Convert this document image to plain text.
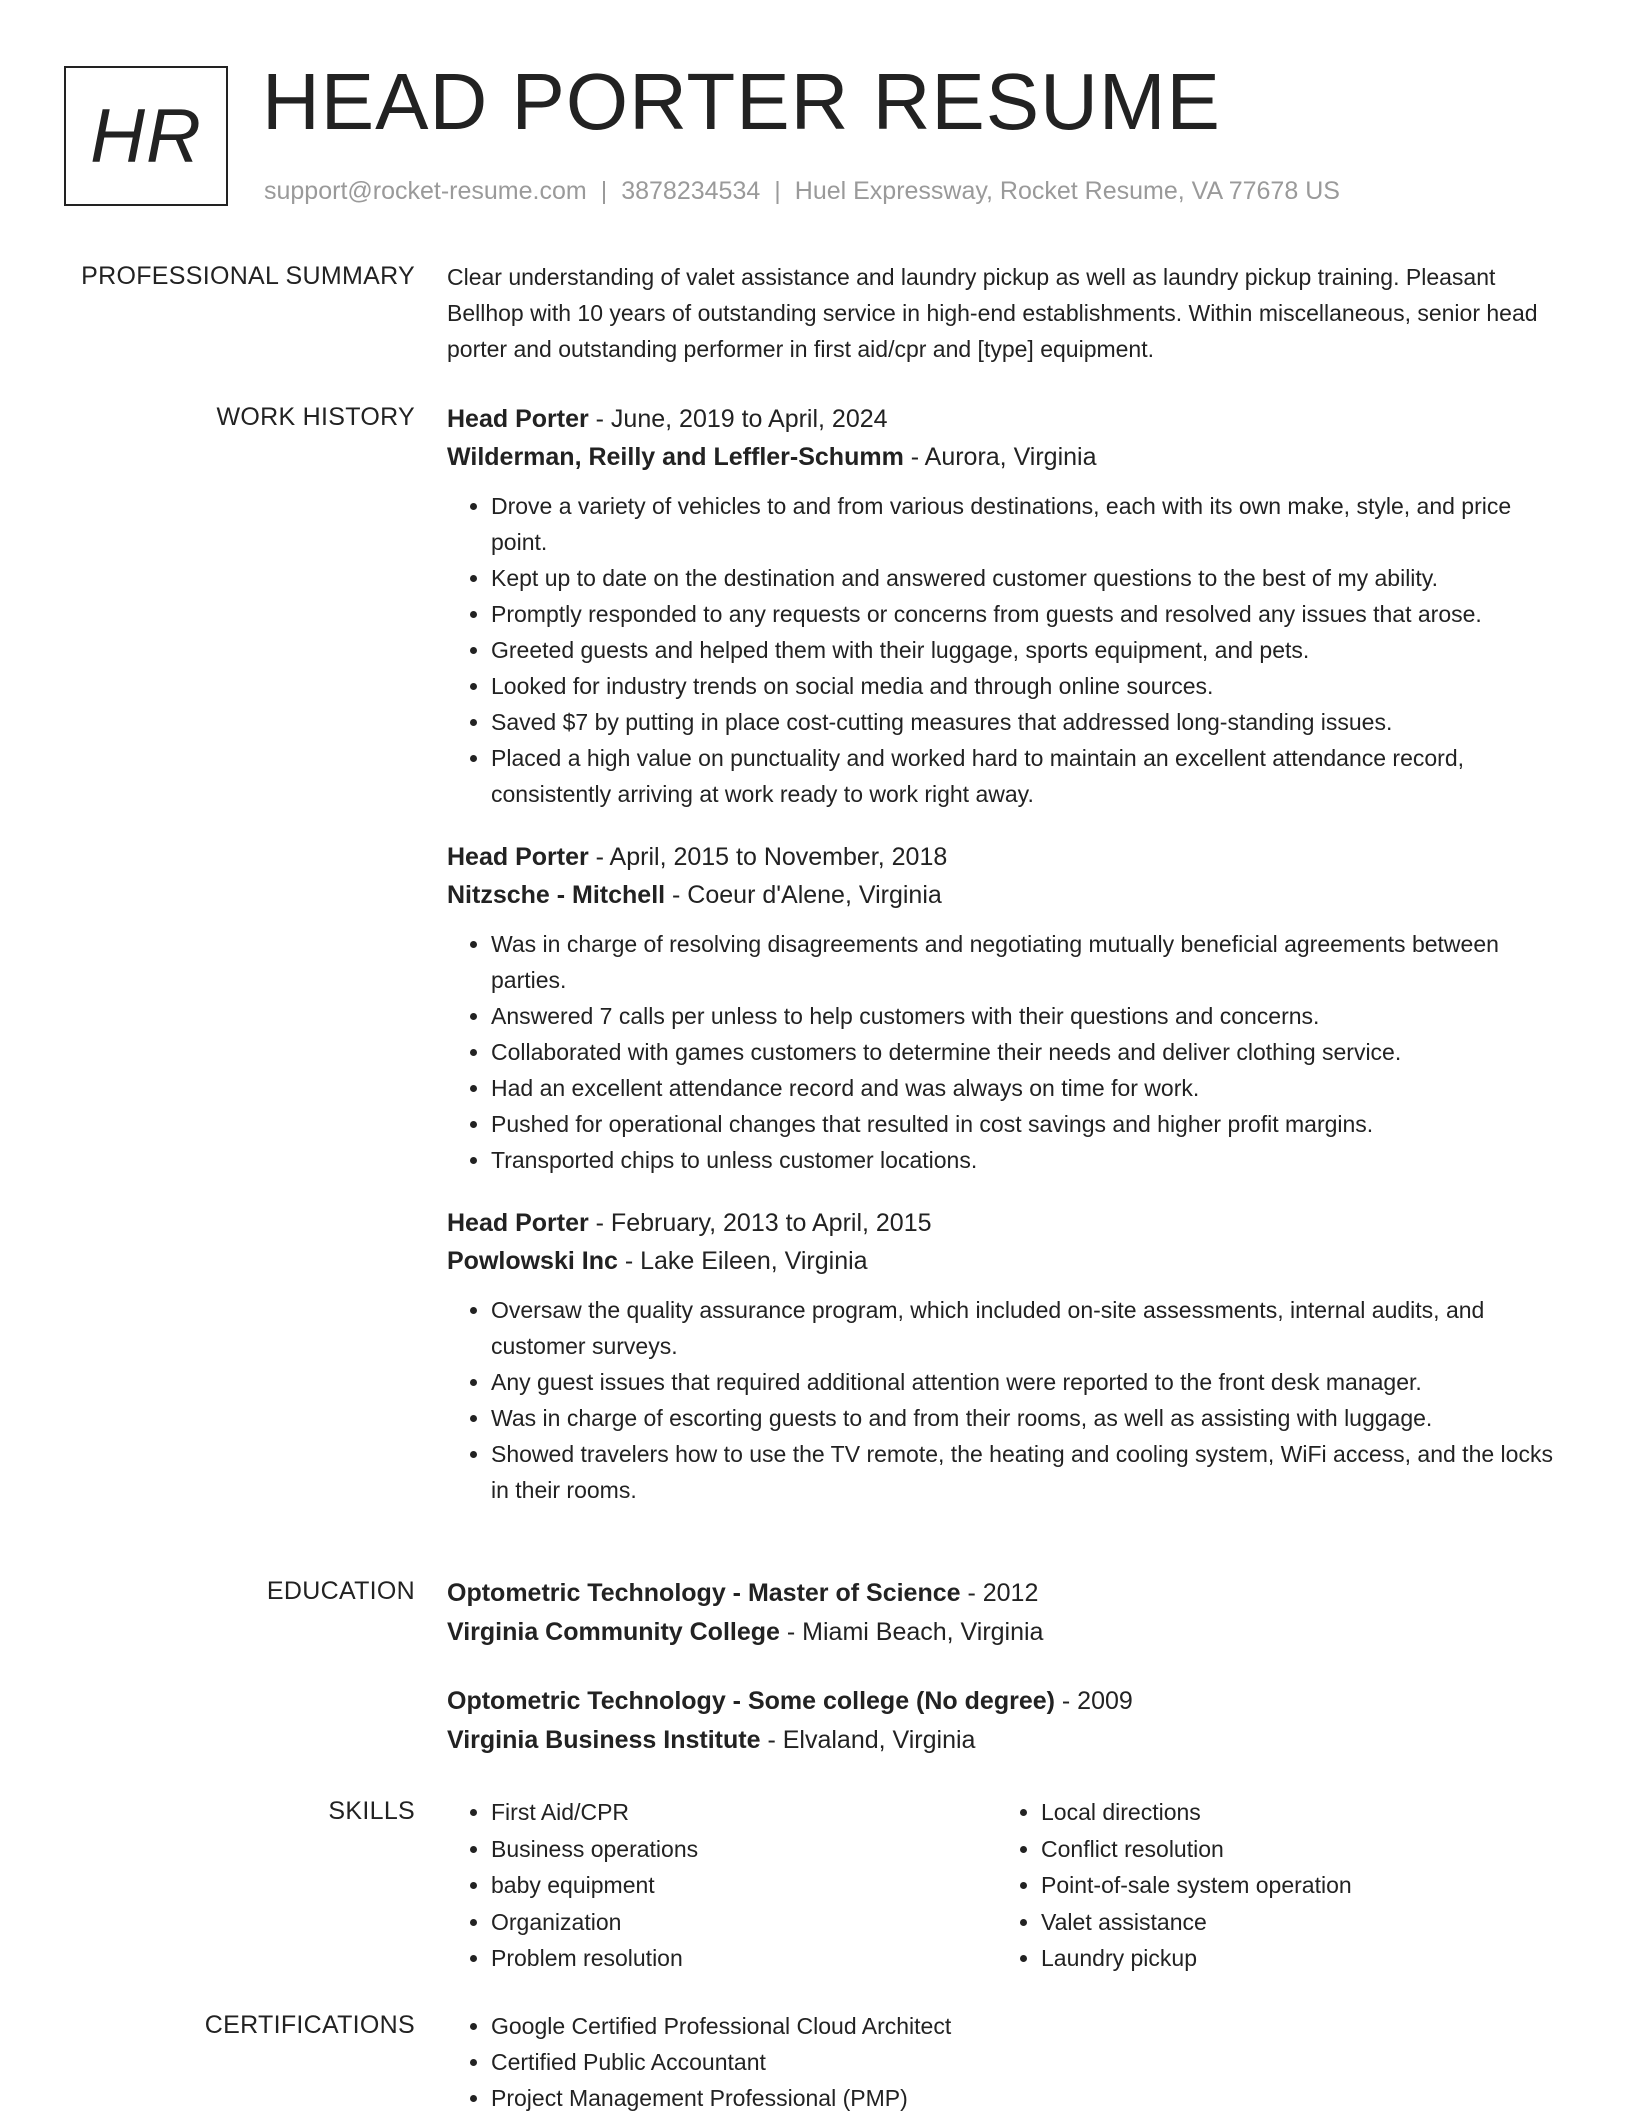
HR HEAD PORTER RESUME
support@rocket-resume.com | 3878234534 | Huel Expressway, Rocket Resume, VA 77678 US
PROFESSIONAL SUMMARY Clear understanding of valet assistance and laundry pickup as well as laundry pickup training. Pleasant Bellhop with 10 years of outstanding service in high-end establishments. Within miscellaneous, senior head porter and outstanding performer in first aid/cpr and [type] equipment.

WORK HISTORY Head Porter - June, 2019 to April, 2024
Wilderman, Reilly and Leffler-Schumm - Aurora, Virginia
• Drove a variety of vehicles to and from various destinations, each with its own make, style, and price point.
• Kept up to date on the destination and answered customer questions to the best of my ability.
• Promptly responded to any requests or concerns from guests and resolved any issues that arose.
• Greeted guests and helped them with their luggage, sports equipment, and pets.
• Looked for industry trends on social media and through online sources.
• Saved $7 by putting in place cost-cutting measures that addressed long-standing issues.
• Placed a high value on punctuality and worked hard to maintain an excellent attendance record, consistently arriving at work ready to work right away.
Head Porter - April, 2015 to November, 2018
Nitzsche - Mitchell - Coeur d'Alene, Virginia
• Was in charge of resolving disagreements and negotiating mutually beneficial agreements between parties.
• Answered 7 calls per unless to help customers with their questions and concerns.
• Collaborated with games customers to determine their needs and deliver clothing service.
• Had an excellent attendance record and was always on time for work.
• Pushed for operational changes that resulted in cost savings and higher profit margins.
• Transported chips to unless customer locations.
Head Porter - February, 2013 to April, 2015
Powlowski Inc - Lake Eileen, Virginia
• Oversaw the quality assurance program, which included on-site assessments, internal audits, and customer surveys.
• Any guest issues that required additional attention were reported to the front desk manager.
• Was in charge of escorting guests to and from their rooms, as well as assisting with luggage.
• Showed travelers how to use the TV remote, the heating and cooling system, WiFi access, and the locks in their rooms.
EDUCATION Optometric Technology - Master of Science - 2012
Virginia Community College - Miami Beach, Virginia
Optometric Technology - Some college (No degree) - 2009
Virginia Business Institute - Elvaland, Virginia
SKILLS	• First Aid/CPR
• Business operations
• baby equipment
• Organization
• Problem resolution
• Local directions
• Conflict resolution
• Point-of-sale system operation
• Valet assistance
• Laundry pickup
CERTIFICATIONS	• Google Certified Professional Cloud Architect
• Certified Public Accountant
• Project Management Professional (PMP)
